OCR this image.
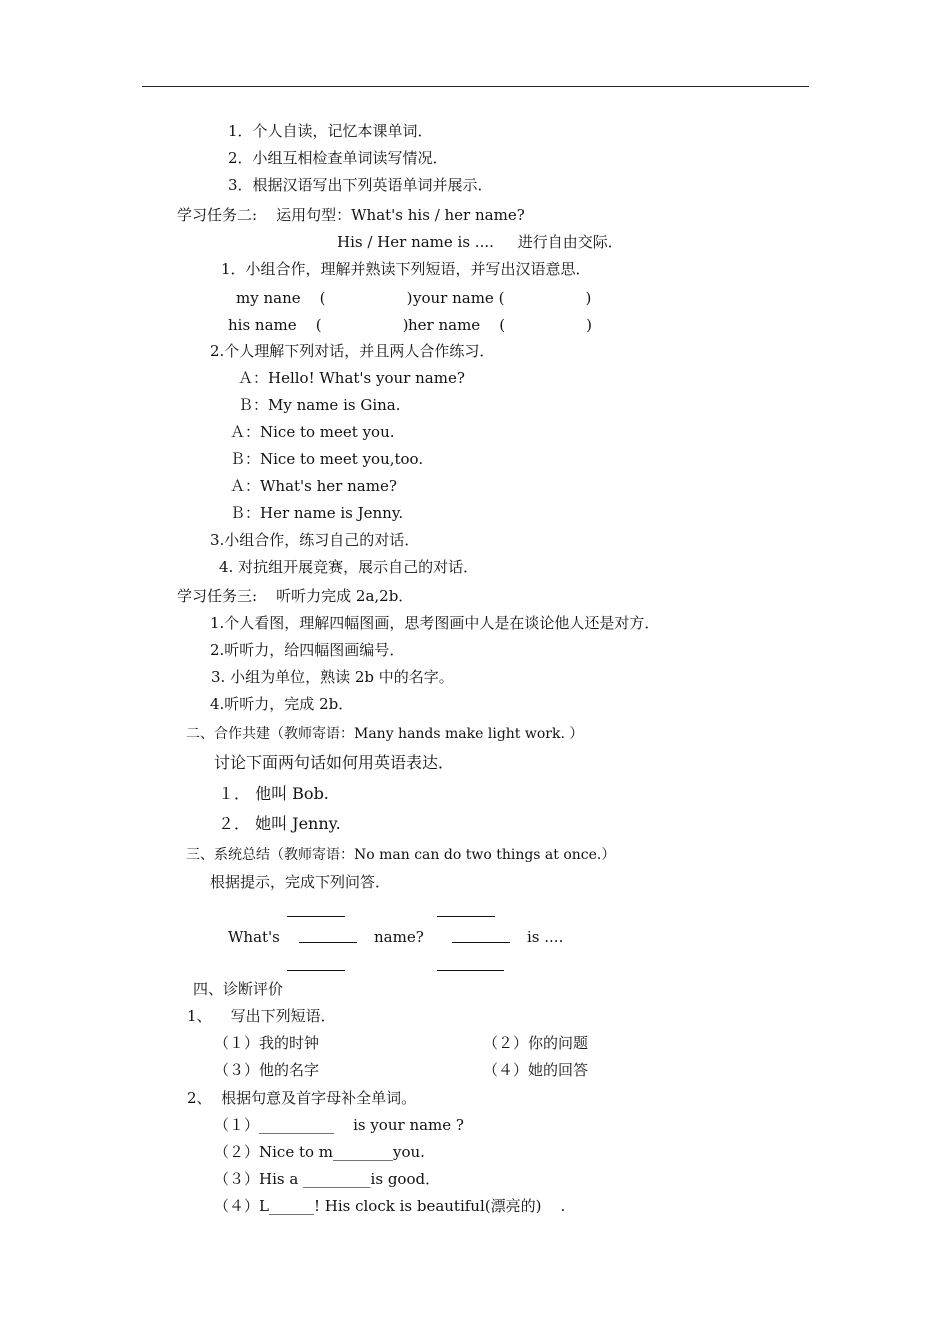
1．个人自读，记忆本课单词．
2．小组互相检查单词读写情况．
3．根据汉语写出下列英语单词并展示．
学习任务二:    运用句型：What's his / her name?
His / Her name is ....     进行自由交际．
1．小组合作，理解并熟读下列短语，并写出汉语意思．
my nane    (                 ) your name (                 )
his name    (                 ) her name    (                 )
2.个人理解下列对话，并且两人合作练习．
Ａ：Hello! What's your name?
Ｂ：My name is Gina.
Ａ：Nice to meet you.
Ｂ：Nice to meet you,too.
Ａ：What's her name?
Ｂ：Her name is Jenny.
3.小组合作，练习自己的对话．
4. 对抗组开展竞赛，展示自己的对话．
学习任务三:    听听力完成 2a,2b．
1.个人看图，理解四幅图画，思考图画中人是在谈论他人还是对方．
2.听听力，给四幅图画编号．
3. 小组为单位，熟读 2b 中的名字。
4.听听力，完成 2b．
二、合作共建（教师寄语：Many hands make light work. ）
讨论下面两句话如何用英语表达．
１． 他叫 Bob.
２． 她叫 Jenny.
三、系统总结（教师寄语：No man can do two things at once.）
根据提示，完成下列问答．
What's	name?	is ....
四、诊断评价
1、    写出下列短语．
（１）我的时钟	（２）你的问题
（３）他的名字	（４）她的回答
2、  根据句意及首字母补全单词。
（１）__________    is your name ?
（２）Nice to m________you.
（３）His a _________is good．
（４）L______! His clock is beautiful(漂亮的)    .
